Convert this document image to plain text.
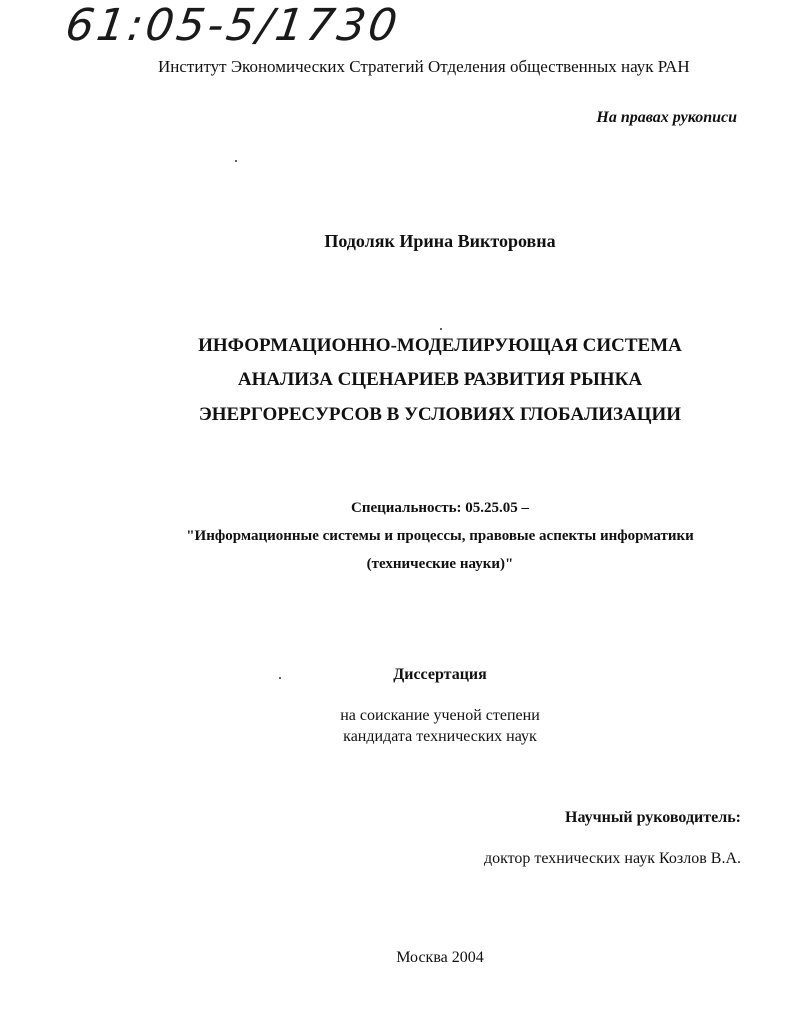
61:05-5/1730
Институт Экономических Стратегий Отделения общественных наук РАН
На правах рукописи
Подоляк Ирина Викторовна
ИНФОРМАЦИОННО-МОДЕЛИРУЮЩАЯ СИСТЕМА
АНАЛИЗА СЦЕНАРИЕВ РАЗВИТИЯ РЫНКА
ЭНЕРГОРЕСУРСОВ В УСЛОВИЯХ ГЛОБАЛИЗАЦИИ
Специальность: 05.25.05 –
"Информационные системы и процессы, правовые аспекты информатики
(технические науки)"
Диссертация
на соискание ученой степени
кандидата технических наук
Научный руководитель:
доктор технических наук Козлов В.А.
Москва 2004
